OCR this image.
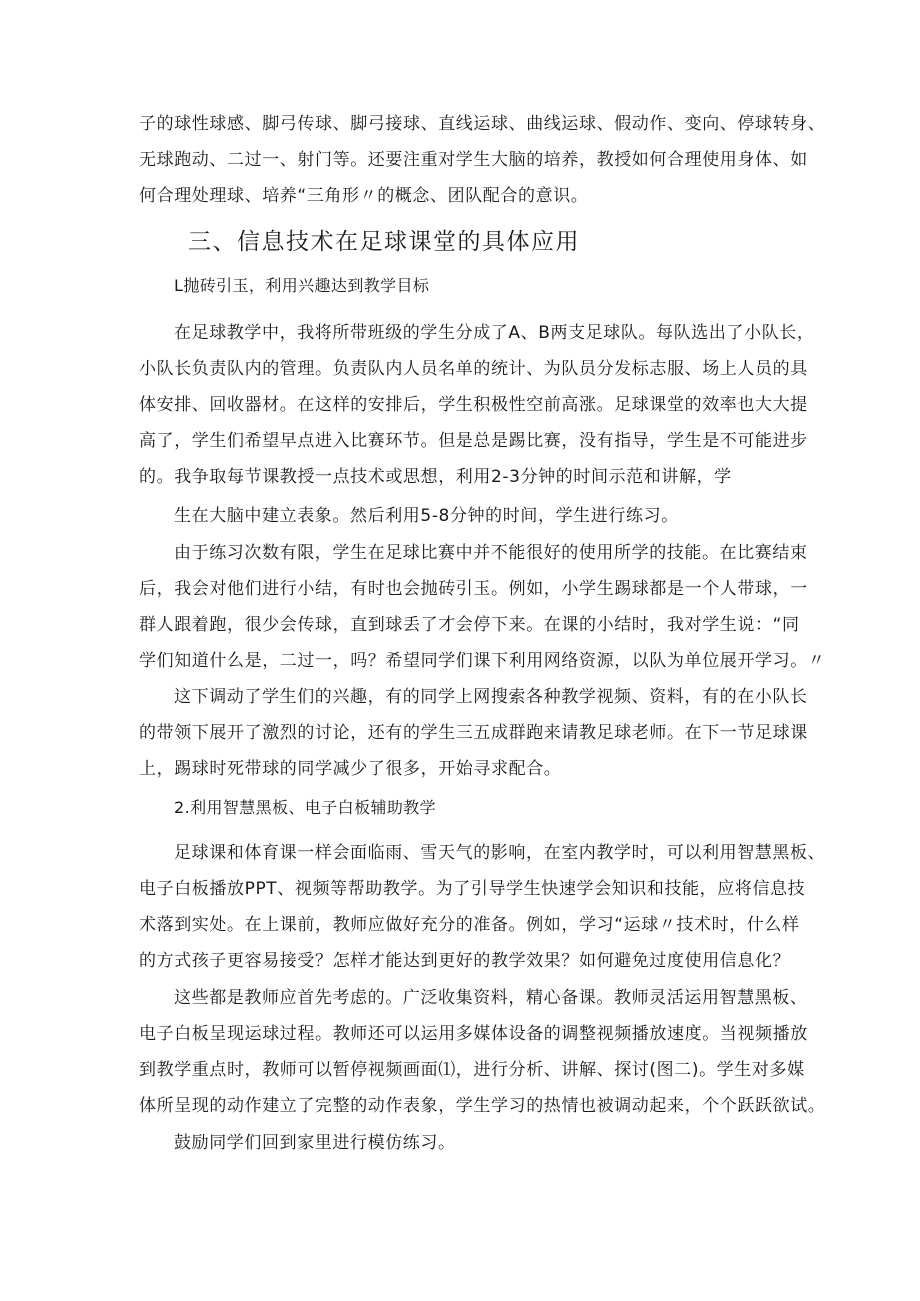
子的球性球感、脚弓传球、脚弓接球、直线运球、曲线运球、假动作、变向、停球转身、
无球跑动、二过一、射门等。还要注重对学生大脑的培养，教授如何合理使用身体、如
何合理处理球、培养“三角形〃的概念、团队配合的意识。
三、信息技术在足球课堂的具体应用
L抛砖引玉，利用兴趣达到教学目标
在足球教学中，我将所带班级的学生分成了A、B两支足球队。每队选出了小队长，
小队长负责队内的管理。负责队内人员名单的统计、为队员分发标志服、场上人员的具
体安排、回收器材。在这样的安排后，学生积极性空前高涨。足球课堂的效率也大大提
高了，学生们希望早点进入比赛环节。但是总是踢比赛，没有指导，学生是不可能进步
的。我争取每节课教授一点技术或思想，利用2-3分钟的时间示范和讲解，学
生在大脑中建立表象。然后利用5-8分钟的时间，学生进行练习。
由于练习次数有限，学生在足球比赛中并不能很好的使用所学的技能。在比赛结束
后，我会对他们进行小结，有时也会抛砖引玉。例如，小学生踢球都是一个人带球，一
群人跟着跑，很少会传球，直到球丢了才会停下来。在课的小结时，我对学生说：“同
学们知道什么是，二过一，吗？希望同学们课下利用网络资源，以队为单位展开学习。〃
这下调动了学生们的兴趣，有的同学上网搜索各种教学视频、资料，有的在小队长
的带领下展开了激烈的讨论，还有的学生三五成群跑来请教足球老师。在下一节足球课
上，踢球时死带球的同学减少了很多，开始寻求配合。
2.利用智慧黑板、电子白板辅助教学
足球课和体育课一样会面临雨、雪天气的影响，在室内教学时，可以利用智慧黑板、
电子白板播放PPT、视频等帮助教学。为了引导学生快速学会知识和技能，应将信息技
术落到实处。在上课前，教师应做好充分的准备。例如，学习“运球〃技术时，什么样
的方式孩子更容易接受？怎样才能达到更好的教学效果？如何避免过度使用信息化？
这些都是教师应首先考虑的。广泛收集资料，精心备课。教师灵活运用智慧黑板、
电子白板呈现运球过程。教师还可以运用多媒体设备的调整视频播放速度。当视频播放
到教学重点时，教师可以暂停视频画面⑴，进行分析、讲解、探讨(图二)。学生对多媒
体所呈现的动作建立了完整的动作表象，学生学习的热情也被调动起来，个个跃跃欲试。
鼓励同学们回到家里进行模仿练习。
